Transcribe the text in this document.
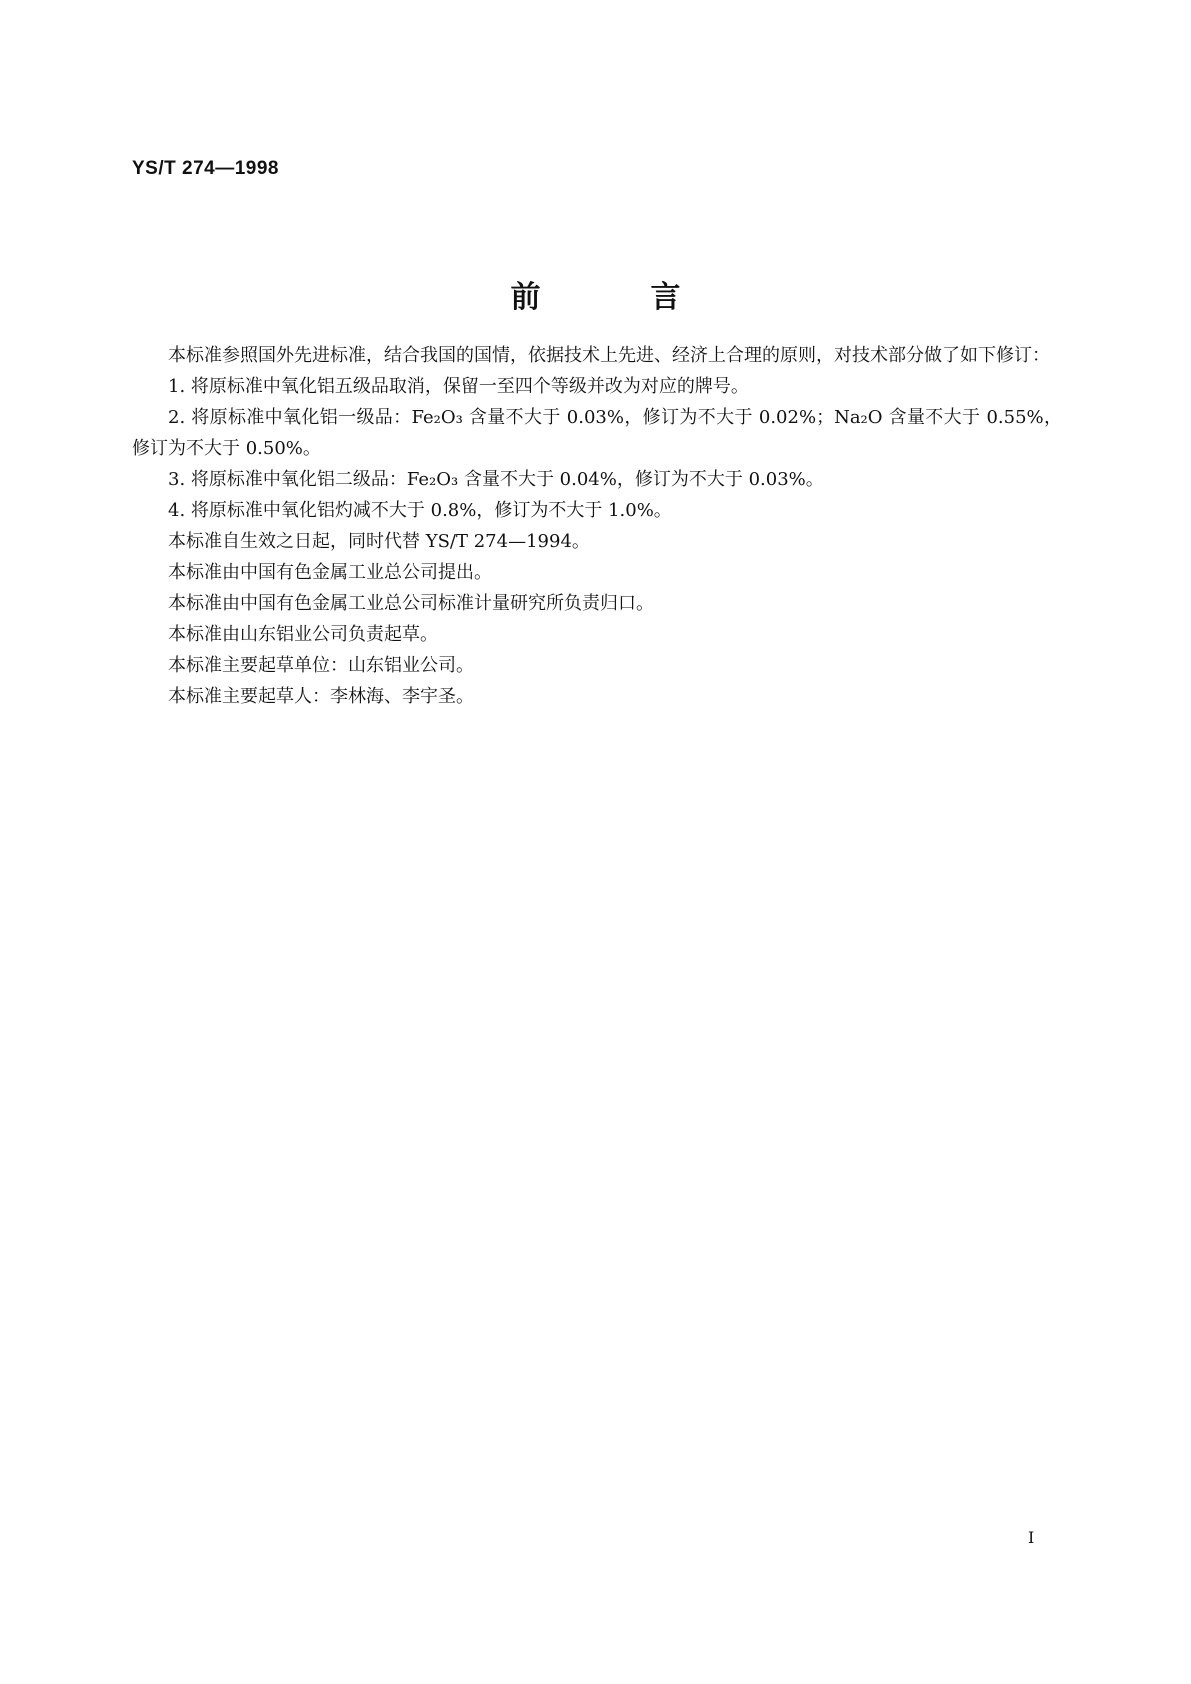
YS/T 274—1998
前	言

本标准参照国外先进标准，结合我国的国情，依据技术上先进、经济上合理的原则，对技术部分做了如下修订：

1. 将原标准中氧化铝五级品取消，保留一至四个等级并改为对应的牌号。

2. 将原标准中氧化铝一级品：Fe₂O₃ 含量不大于 0.03%，修订为不大于 0.02%；Na₂O 含量不大于 0.55%，修订为不大于 0.50%。

3. 将原标准中氧化铝二级品：Fe₂O₃ 含量不大于 0.04%，修订为不大于 0.03%。

4. 将原标准中氧化铝灼减不大于 0.8%，修订为不大于 1.0%。

本标准自生效之日起，同时代替 YS/T 274—1994。

本标准由中国有色金属工业总公司提出。

本标准由中国有色金属工业总公司标准计量研究所负责归口。

本标准由山东铝业公司负责起草。

本标准主要起草单位：山东铝业公司。

本标准主要起草人：李林海、李宇圣。

I
